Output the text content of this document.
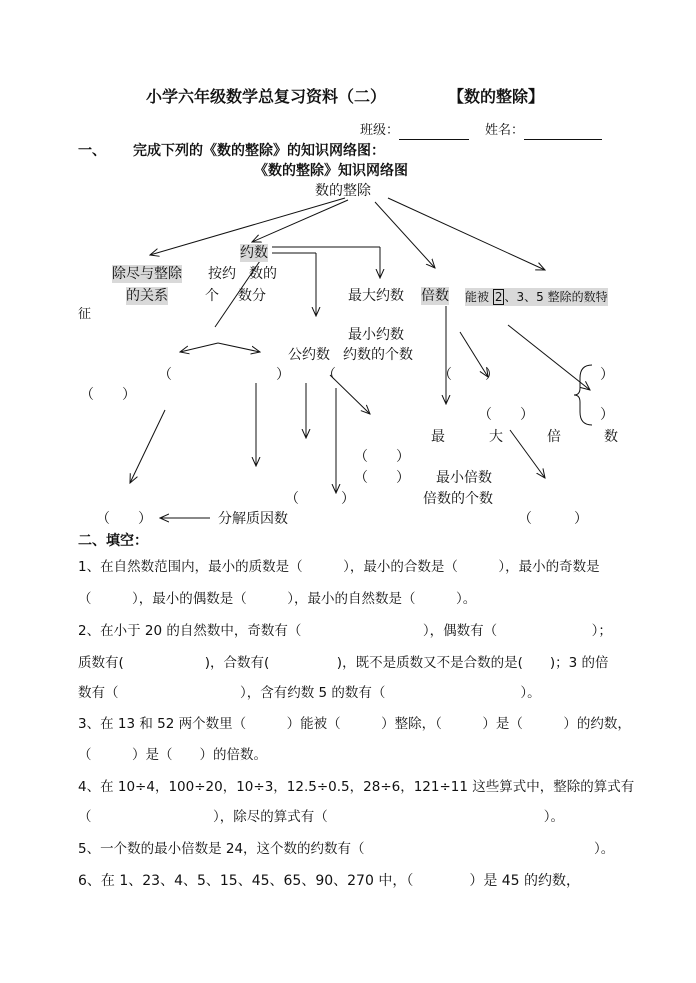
小学六年级数学总复习资料（二）	【数的整除】
班级：	姓名：
一、 完成下列的《数的整除》的知识网络图：
《数的整除》知识网络图
数的整除
除尽与整除
的关系
约数
按约 数的
个 数分	最大约数 倍数 能被 2 、3、5 整除的数特
征
最小约数
公约数 约数的个数
（	） （	（ ）	）
（　　）
（　　）	）
最	大	倍	数
（　　）
（　　） 最小倍数
（　　　）	倍数的个数
（　　）	分解质因数	（　　　）
二、填空：
1、在自然数范围内，最小的质数是（　　　），最小的合数是（　　　），最小的奇数是
（　　　），最小的偶数是（　　　），最小的自然数是（　　　）。
2、在小于 20 的自然数中，奇数有（　　　　　　　　　），偶数有（　　　　　　　）；
质数有(　　　　　　)，合数有(　　　　　)，既不是质数又不是合数的是(　　)；3 的倍
数有（　　　　　　　　　），含有约数 5 的数有（　　　　　　　　　　）。
3、在 13 和 52 两个数里（　　　）能被（　　　）整除，（　　　）是（　　　）的约数，
（　　　）是（　　）的倍数。
4、在 10÷4，100÷20，10÷3，12.5÷0.5，28÷6，121÷11 这些算式中，整除的算式有
（　　　　　　　　　），除尽的算式有（　　　　　　　　　　　　　　　　）。
5、一个数的最小倍数是 24，这个数的约数有（　　　　　　　　　　　　　　　　　）。
6、在 1、23、4、5、15、45、65、90、270 中，（　　　　）是 45 的约数，
